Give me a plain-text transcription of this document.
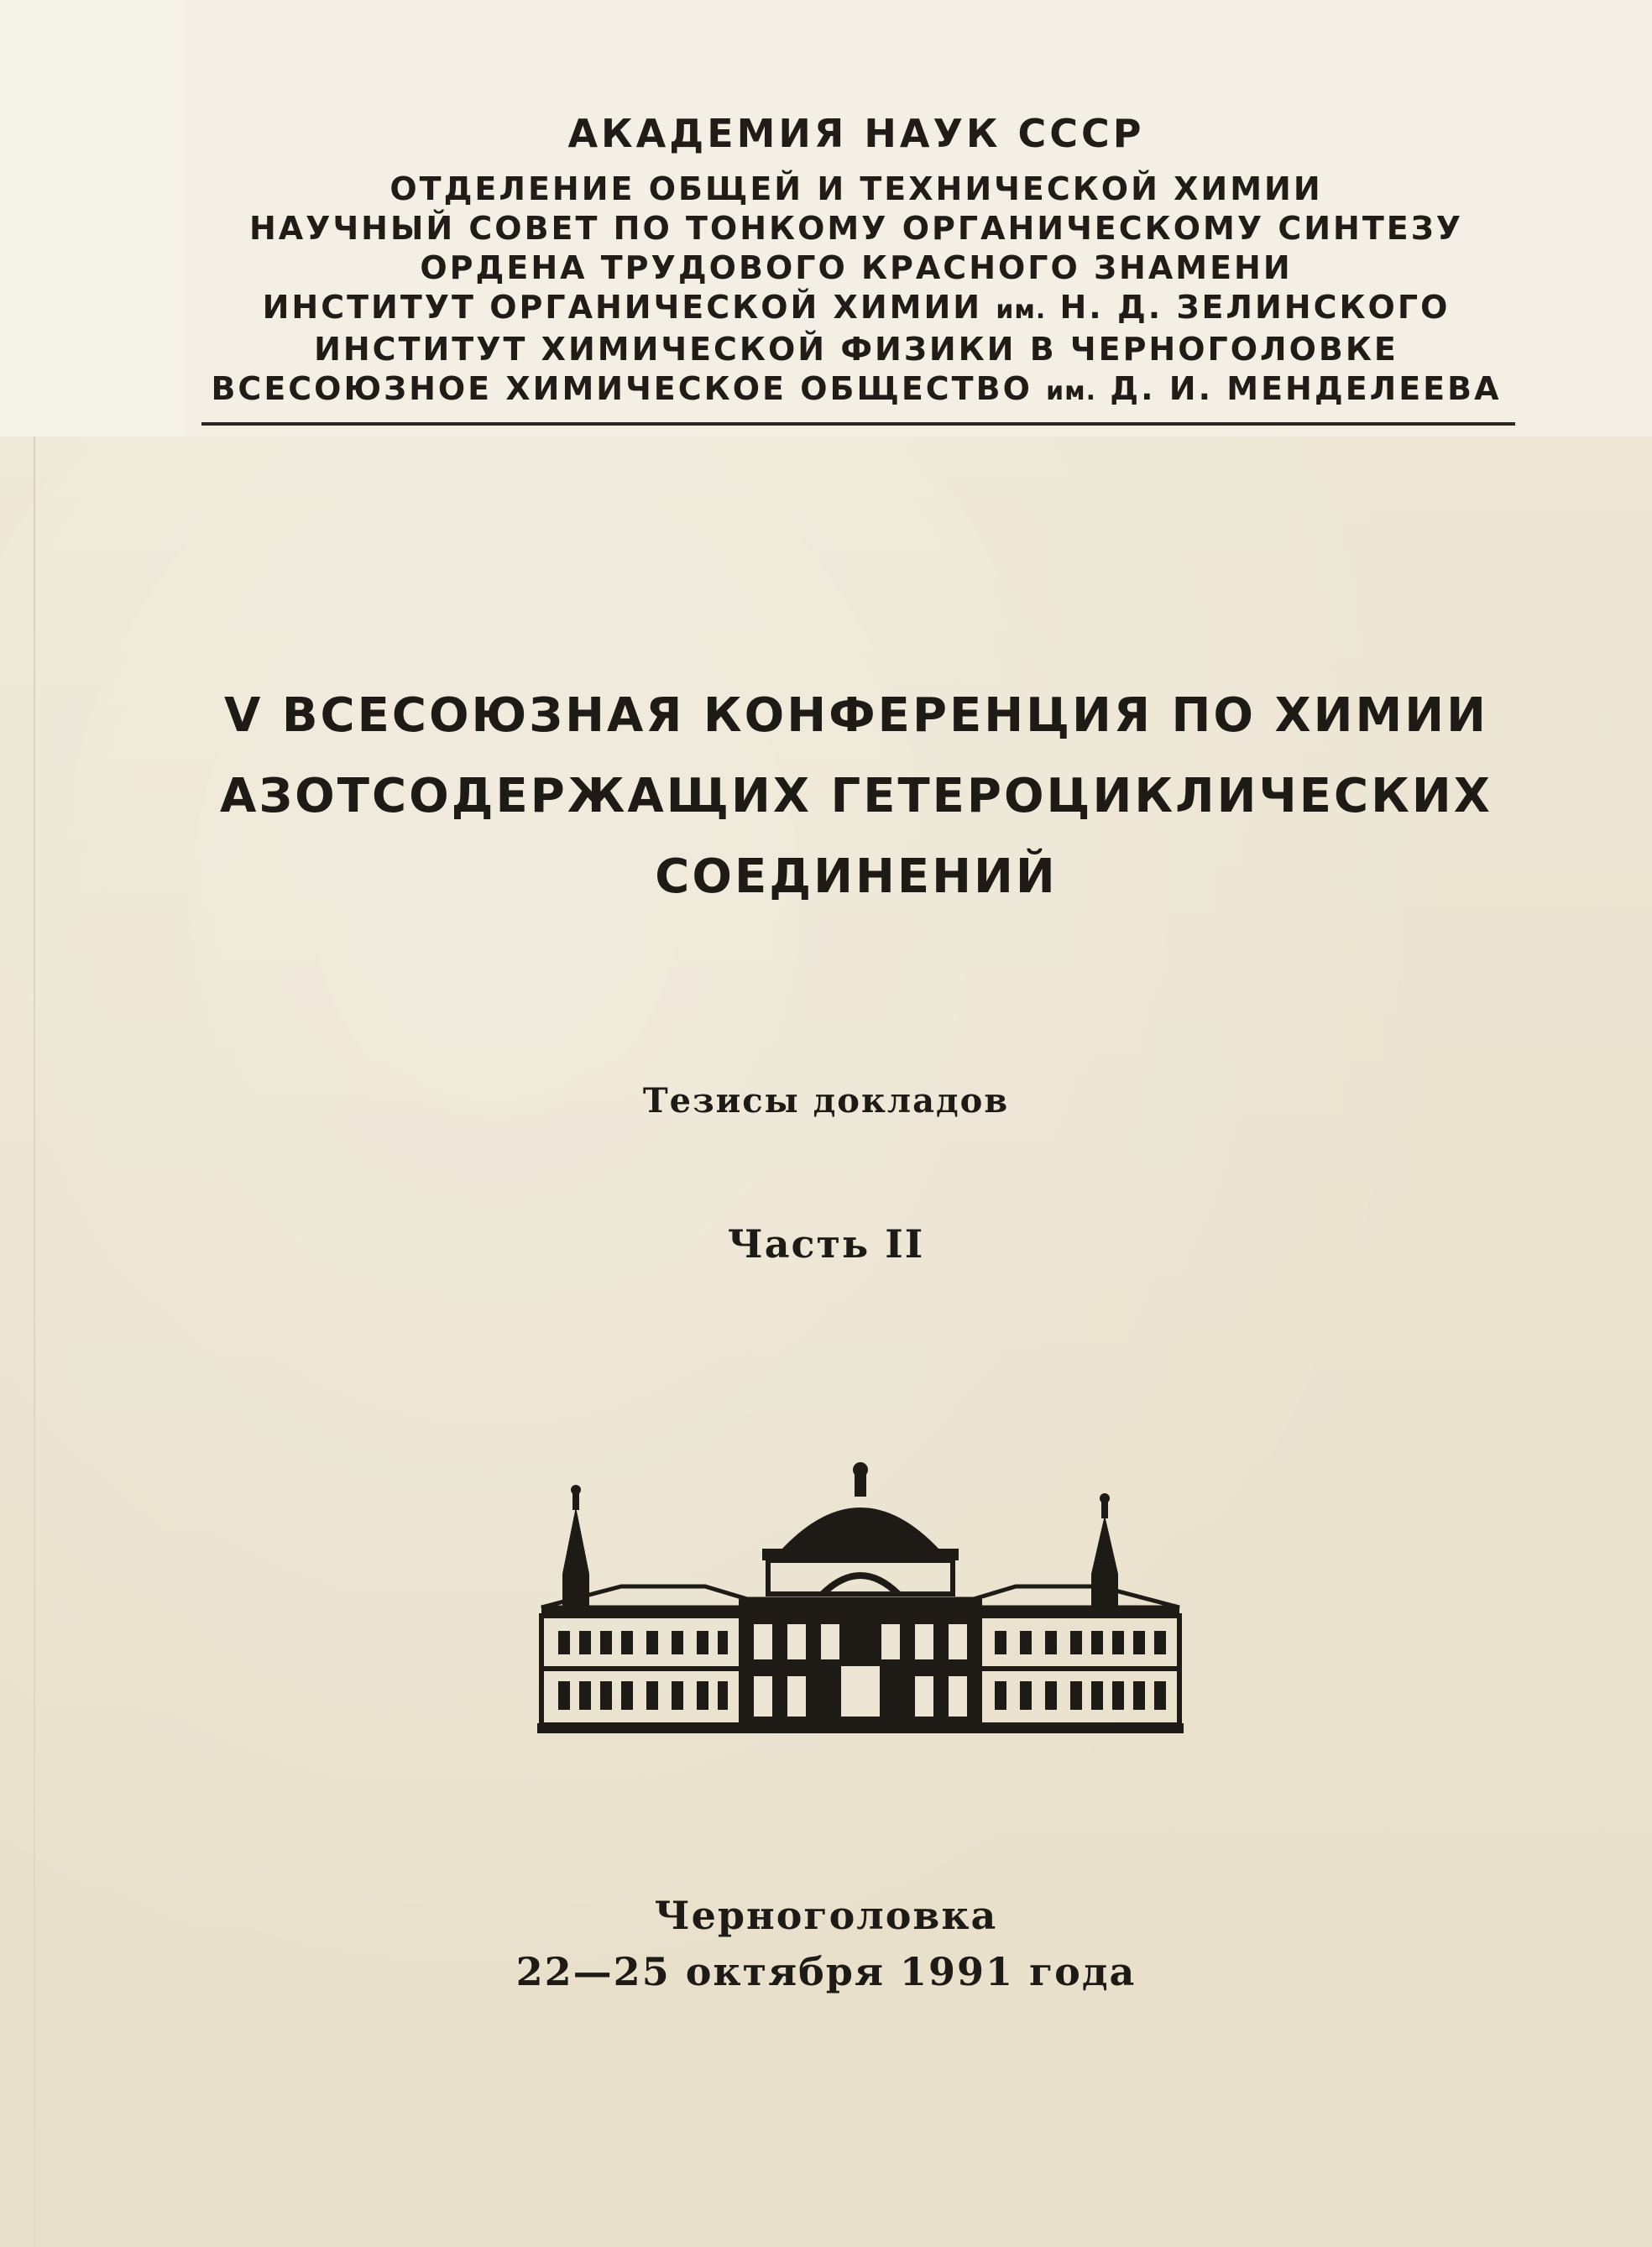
АКАДЕМИЯ НАУК СССР
ОТДЕЛЕНИЕ ОБЩЕЙ И ТЕХНИЧЕСКОЙ ХИМИИ
НАУЧНЫЙ СОВЕТ ПО ТОНКОМУ ОРГАНИЧЕСКОМУ СИНТЕЗУ
ОРДЕНА ТРУДОВОГО КРАСНОГО ЗНАМЕНИ
ИНСТИТУТ ОРГАНИЧЕСКОЙ ХИМИИ им. Н. Д. ЗЕЛИНСКОГО
ИНСТИТУТ ХИМИЧЕСКОЙ ФИЗИКИ В ЧЕРНОГОЛОВКЕ
ВСЕСОЮЗНОЕ ХИМИЧЕСКОЕ ОБЩЕСТВО им. Д. И. МЕНДЕЛЕЕВА
V ВСЕСОЮЗНАЯ КОНФЕРЕНЦИЯ ПО ХИМИИ
АЗОТСОДЕРЖАЩИХ ГЕТЕРОЦИКЛИЧЕСКИХ
СОЕДИНЕНИЙ
Тезисы докладов
Часть II
Черноголовка
22—25 октября 1991 года
